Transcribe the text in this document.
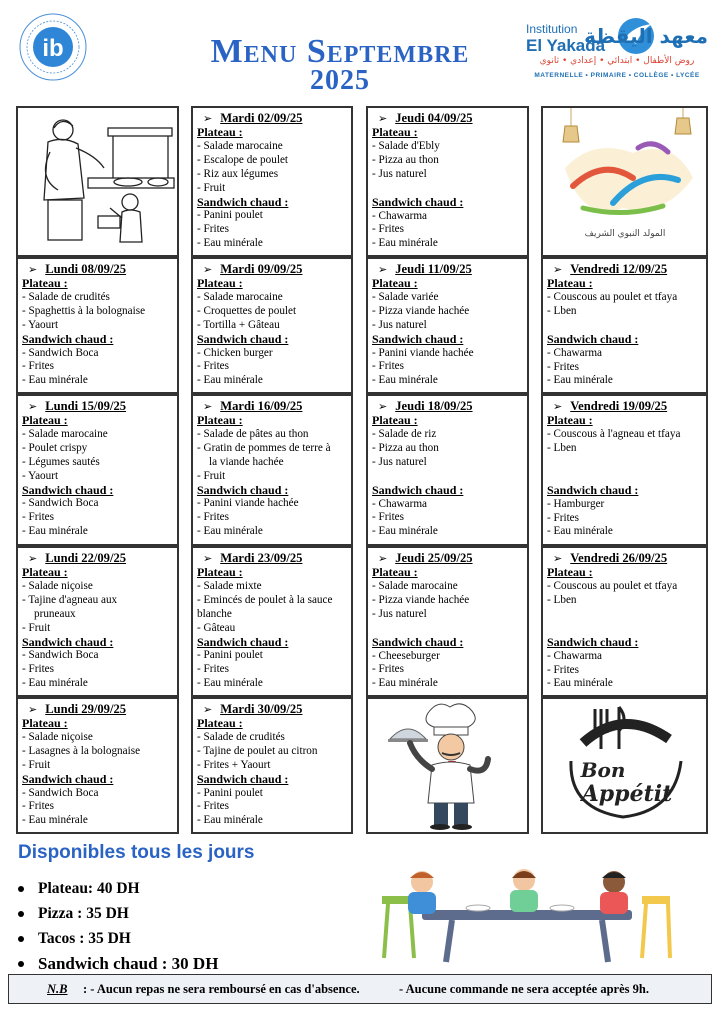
ib	Menu Septembre
2025
Institution
El Yakada
معهد اليقظة
روض الأطفال • ابتدائي • إعدادي • ثانوي
MATERNELLE • PRIMAIRE • COLLÈGE • LYCÉE
➢ Mardi 02/09/25
Plateau :
- Salade marocaine
- Escalope de poulet
- Riz aux légumes
- Fruit
Sandwich chaud :
- Panini poulet
- Frites
- Eau minérale
➢ Jeudi 04/09/25
Plateau :
- Salade d'Ebly
- Pizza au thon
- Jus naturel
Sandwich chaud :
- Chawarma
- Frites
- Eau minérale
المولد النبوي الشريف
➢ Lundi 08/09/25
Plateau :
- Salade de crudités
- Spaghettis à la bolognaise
- Yaourt
Sandwich chaud :
- Sandwich Boca
- Frites
- Eau minérale
➢ Mardi 09/09/25
Plateau :
- Salade marocaine
- Croquettes de poulet
- Tortilla + Gâteau
Sandwich chaud :
- Chicken burger
- Frites
- Eau minérale
➢ Jeudi 11/09/25
Plateau :
- Salade variée
- Pizza viande hachée
- Jus naturel
Sandwich chaud :
- Panini viande hachée
- Frites
- Eau minérale
➢ Vendredi 12/09/25
Plateau :
- Couscous au poulet et tfaya
- Lben
Sandwich chaud :
- Chawarma
- Frites
- Eau minérale
➢ Lundi 15/09/25
Plateau :
- Salade marocaine
- Poulet crispy
- Légumes sautés
- Yaourt
Sandwich chaud :
- Sandwich Boca
- Frites
- Eau minérale
➢ Mardi 16/09/25
Plateau :
- Salade de pâtes au thon
- Gratin de pommes de terre à
la viande hachée
- Fruit
Sandwich chaud :
- Panini viande hachée
- Frites
- Eau minérale
➢ Jeudi 18/09/25
Plateau :
- Salade de riz
- Pizza au thon
- Jus naturel
Sandwich chaud :
- Chawarma
- Frites
- Eau minérale
➢ Vendredi 19/09/25
Plateau :
- Couscous à l'agneau et tfaya
- Lben
Sandwich chaud :
- Hamburger
- Frites
- Eau minérale
➢ Lundi 22/09/25
Plateau :
- Salade niçoise
- Tajine d'agneau aux
pruneaux
- Fruit
Sandwich chaud :
- Sandwich Boca
- Frites
- Eau minérale
➢ Mardi 23/09/25
Plateau :
- Salade mixte
- Emincés de poulet à la sauce
blanche
- Gâteau
Sandwich chaud :
- Panini poulet
- Frites
- Eau minérale
➢ Jeudi 25/09/25
Plateau :
- Salade marocaine
- Pizza viande hachée
- Jus naturel
Sandwich chaud :
- Cheeseburger
- Frites
- Eau minérale
➢ Vendredi 26/09/25
Plateau :
- Couscous au poulet et tfaya
- Lben
Sandwich chaud :
- Chawarma
- Frites
- Eau minérale
➢ Lundi 29/09/25
Plateau :
- Salade niçoise
- Lasagnes à la bolognaise
- Fruit
Sandwich chaud :
- Sandwich Boca
- Frites
- Eau minérale
➢ Mardi 30/09/25
Plateau :
- Salade de crudités
- Tajine de poulet au citron
- Frites + Yaourt
Sandwich chaud :
- Panini poulet
- Frites
- Eau minérale
Bon
Appétit
Disponibles tous les jours
Plateau: 40 DH
Pizza : 35 DH
Tacos : 35 DH
Sandwich chaud : 30 DH
N.B : - Aucun repas ne sera remboursé en cas d'absence.	- Aucune commande ne sera acceptée après 9h.
